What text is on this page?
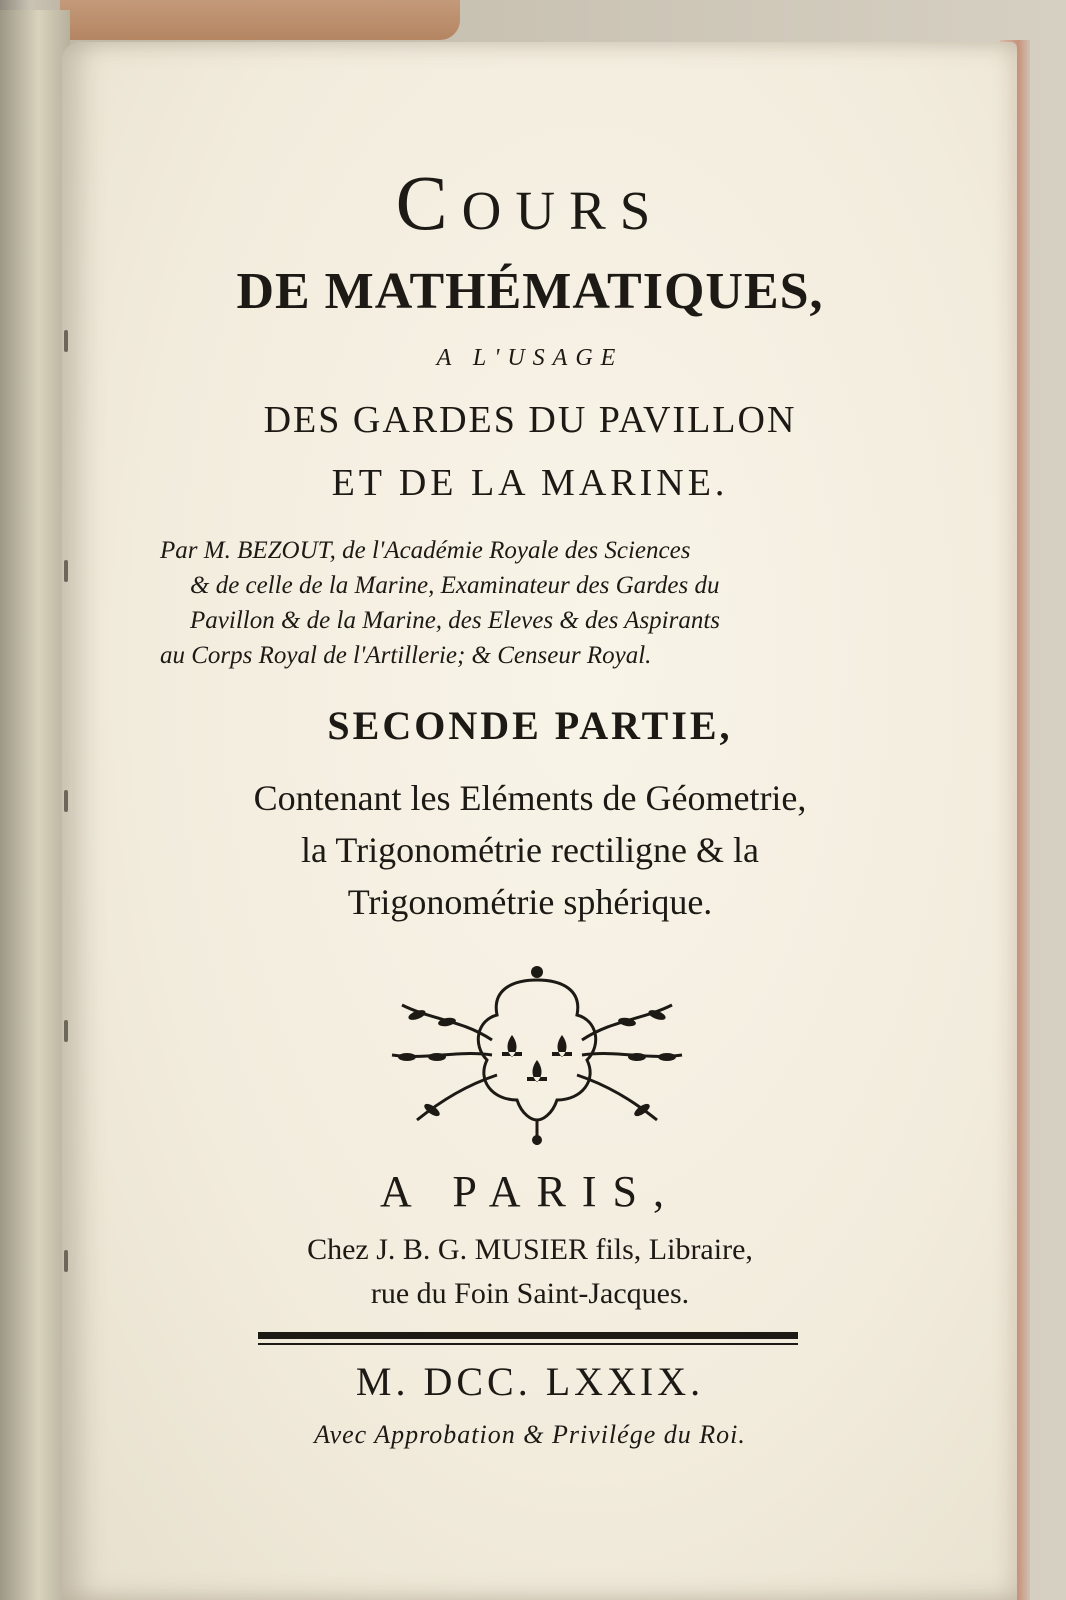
Cours
DE MATHÉMATIQUES,
A L'USAGE
DES GARDES DU PAVILLON
ET DE LA MARINE.
Par M. BEZOUT, de l'Académie Royale des Sciences
& de celle de la Marine, Examinateur des Gardes du
Pavillon & de la Marine, des Eleves & des Aspirants
au Corps Royal de l'Artillerie; & Censeur Royal.
SECONDE PARTIE,
Contenant les Eléments de Géometrie,
la Trigonométrie rectiligne & la
Trigonométrie sphérique.
A PARIS,
Chez J. B. G. MUSIER fils, Libraire,
rue du Foin Saint-Jacques.
M. DCC. LXXIX.
Avec Approbation & Privilége du Roi.
